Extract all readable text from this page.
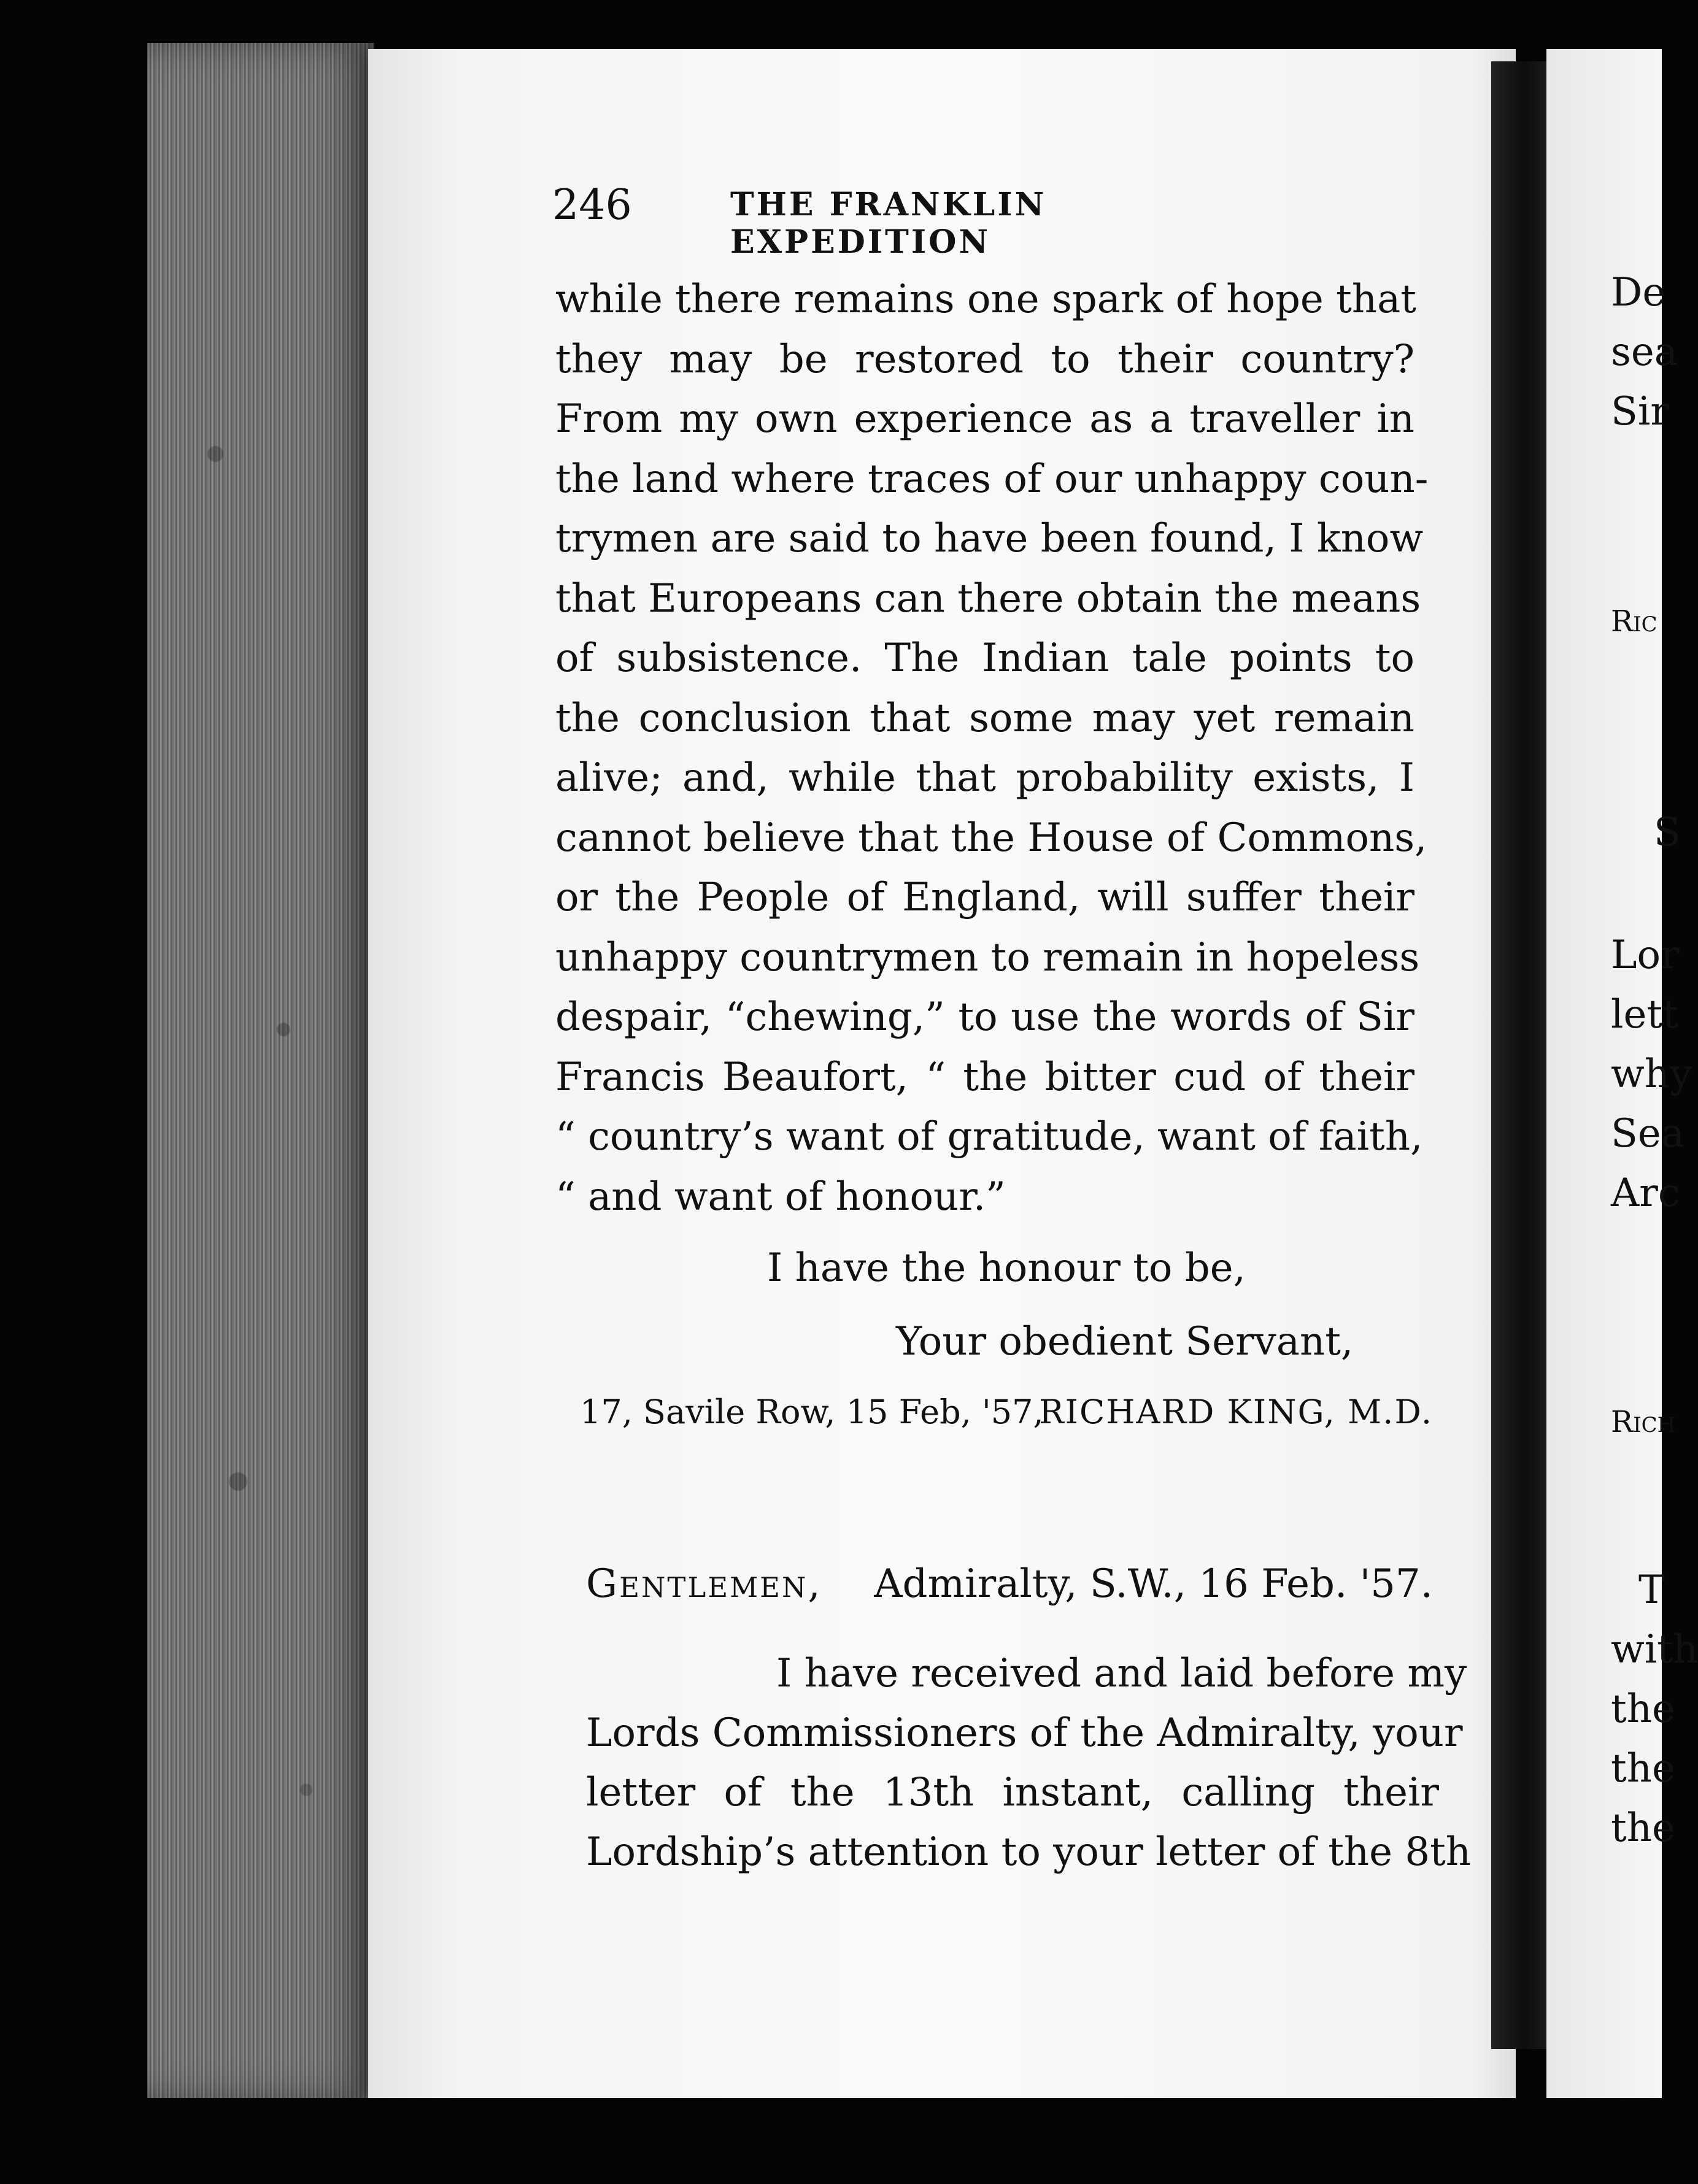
246	THE FRANKLIN EXPEDITION
while there remains one spark of hope that
they may be restored to their country?
From my own experience as a traveller in
the land where traces of our unhappy coun-
trymen are said to have been found, I know
that Europeans can there obtain the means
of subsistence. The Indian tale points to
the conclusion that some may yet remain
alive; and, while that probability exists, I
cannot believe that the House of Commons,
or the People of England, will suffer their
unhappy countrymen to remain in hopeless
despair, “chewing,” to use the words of Sir
Francis Beaufort, “ the bitter cud of their
“ country’s want of gratitude, want of faith,
“ and want of honour.”
I have the honour to be,
Your obedient Servant,
17, Savile Row, 15 Feb, '57,
RICHARD KING, M.D.
Gentlemen, Admiralty, S.W., 16 Feb. '57.
I have received and laid before my
Lords Commissioners of the Admiralty, your
letter of the 13th instant, calling their
Lordship’s attention to your letter of the 8th
De
sea
Sir
Ric
S
Lor
lett
why
Sea
Arc
Rich
T
with
the
the
the
